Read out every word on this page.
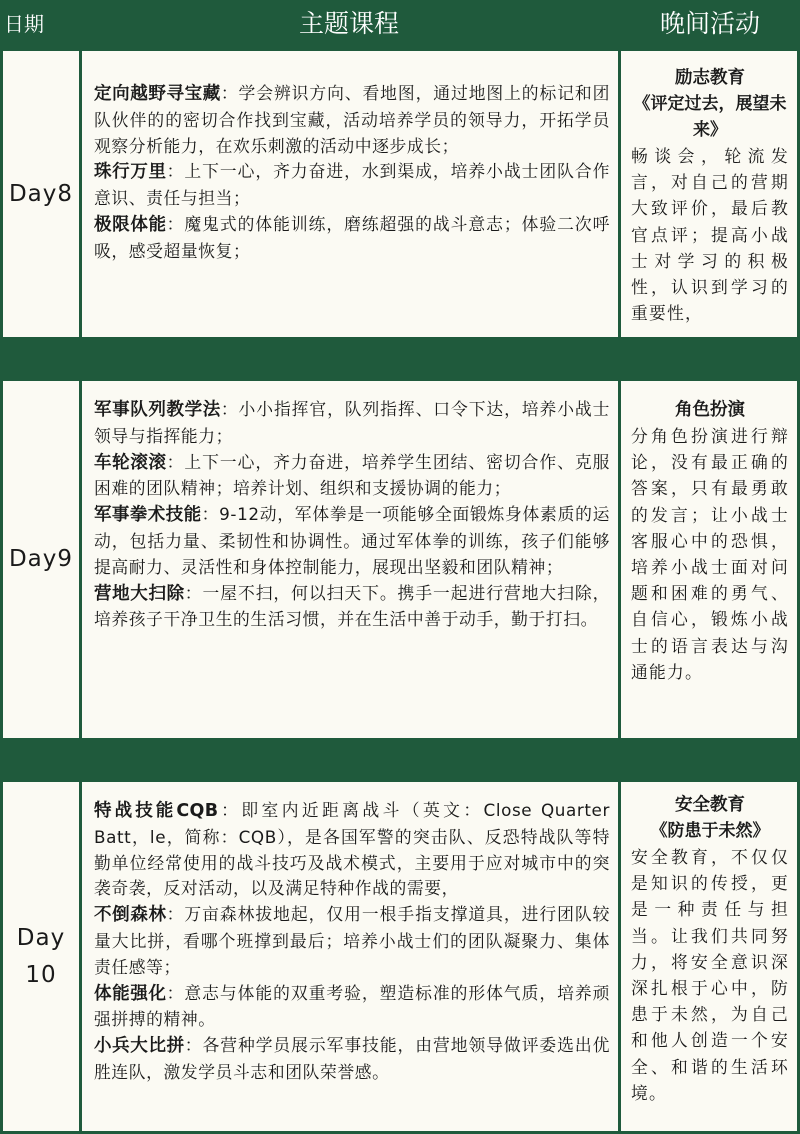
日期	主题课程	晚间活动
Day8

定向越野寻宝藏：学会辨识方向、看地图，通过地图上的标记和团队伙伴的的密切合作找到宝藏，活动培养学员的领导力，开拓学员观察分析能力，在欢乐刺激的活动中逐步成长；

珠行万里：上下一心，齐力奋进，水到渠成，培养小战士团队合作意识、责任与担当；

极限体能：魔鬼式的体能训练，磨练超强的战斗意志；体验二次呼吸，感受超量恢复；

励志教育

《评定过去，展望未来》

畅谈会，轮流发言，对自己的营期大致评价，最后教官点评；提高小战士对学习的积极性，认识到学习的重要性，

Day9

军事队列教学法：小小指挥官，队列指挥、口令下达，培养小战士领导与指挥能力；

车轮滚滚：上下一心，齐力奋进，培养学生团结、密切合作、克服困难的团队精神；培养计划、组织和支援协调的能力；

军事拳术技能：9-12动，军体拳是一项能够全面锻炼身体素质的运动，包括力量、柔韧性和协调性。通过军体拳的训练，孩子们能够提高耐力、灵活性和身体控制能力，展现出坚毅和团队精神；

营地大扫除：一屋不扫，何以扫天下。携手一起进行营地大扫除，培养孩子干净卫生的生活习惯，并在生活中善于动手，勤于打扫。

角色扮演

分角色扮演进行辩论，没有最正确的答案，只有最勇敢的发言；让小战士客服心中的恐惧，培养小战士面对问题和困难的勇气、自信心，锻炼小战士的语言表达与沟通能力。

Day
10

特战技能CQB：即室内近距离战斗（英文：Close Quarter Batt，le，简称：CQB），是各国军警的突击队、反恐特战队等特勤单位经常使用的战斗技巧及战术模式，主要用于应对城市中的突袭奇袭，反对活动，以及满足特种作战的需要，

不倒森林：万亩森林拔地起，仅用一根手指支撑道具，进行团队较量大比拼，看哪个班撑到最后；培养小战士们的团队凝聚力、集体责任感等；

体能强化：意志与体能的双重考验，塑造标准的形体气质，培养顽强拼搏的精神。

小兵大比拼：各营种学员展示军事技能，由营地领导做评委选出优胜连队，激发学员斗志和团队荣誉感。

安全教育

《防患于未然》

安全教育，不仅仅是知识的传授，更是一种责任与担当。让我们共同努力，将安全意识深深扎根于心中，防患于未然，为自己和他人创造一个安全、和谐的生活环境。
